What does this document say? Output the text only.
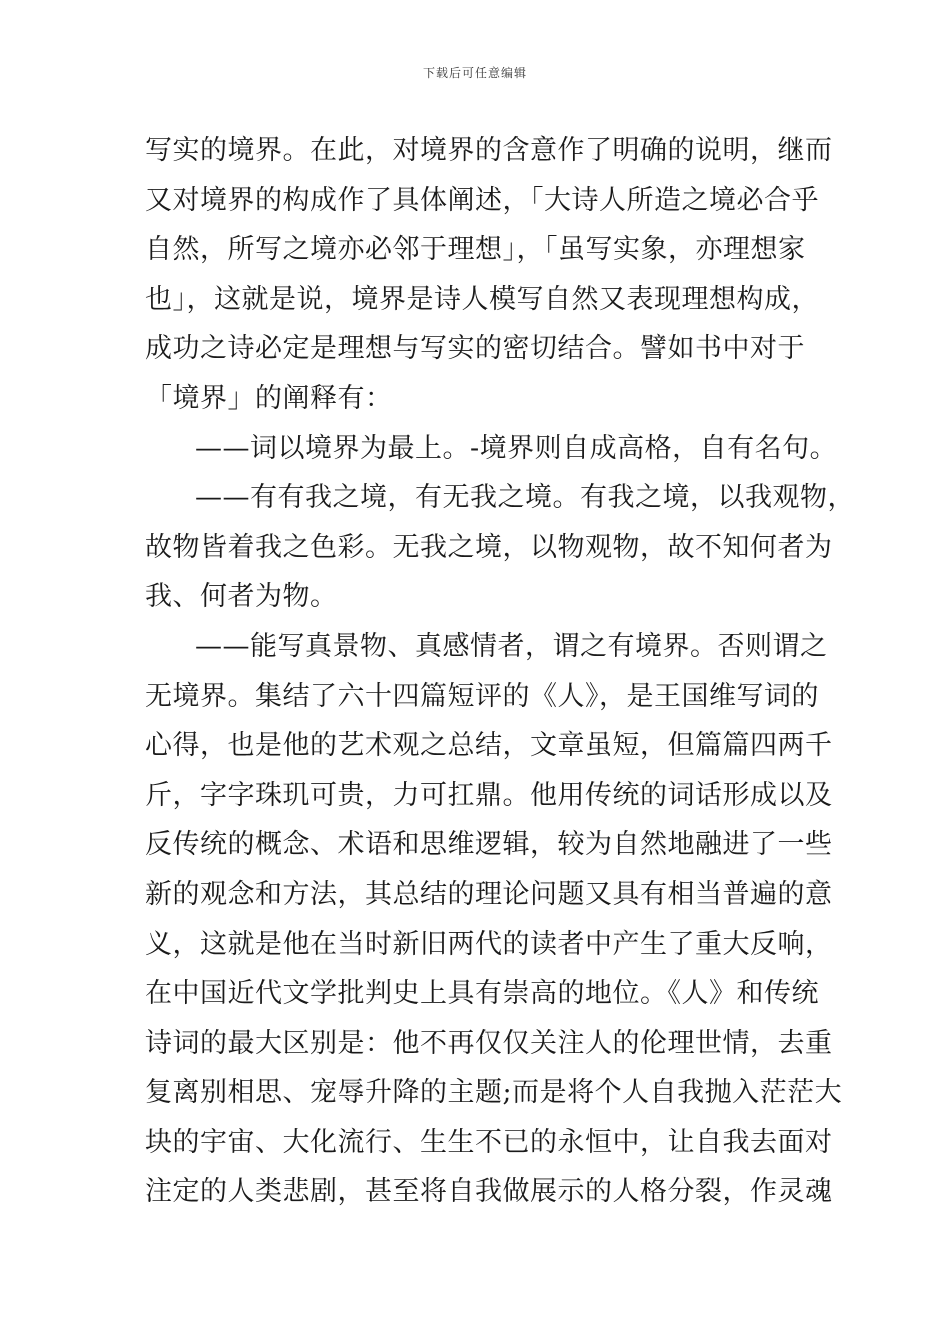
下载后可任意编辑
写实的境界。在此，对境界的含意作了明确的说明，继而
又对境界的构成作了具体阐述，「大诗人所造之境必合乎
自然，所写之境亦必邻于理想」，「虽写实象，亦理想家
也」，这就是说，境界是诗人模写自然又表现理想构成，
成功之诗必定是理想与写实的密切结合。譬如书中对于
「境界」的阐释有：
——词以境界为最上。-境界则自成高格，自有名句。
——有有我之境，有无我之境。有我之境，以我观物，
故物皆着我之色彩。无我之境，以物观物，故不知何者为
我、何者为物。
——能写真景物、真感情者，谓之有境界。否则谓之
无境界。集结了六十四篇短评的《人》，是王国维写词的
心得，也是他的艺术观之总结，文章虽短，但篇篇四两千
斤，字字珠玑可贵，力可扛鼎。他用传统的词话形成以及
反传统的概念、术语和思维逻辑，较为自然地融进了一些
新的观念和方法，其总结的理论问题又具有相当普遍的意
义，这就是他在当时新旧两代的读者中产生了重大反响，
在中国近代文学批判史上具有崇高的地位。《人》和传统
诗词的最大区别是：他不再仅仅关注人的伦理世情，去重
复离别相思、宠辱升降的主题;而是将个人自我抛入茫茫大
块的宇宙、大化流行、生生不已的永恒中，让自我去面对
注定的人类悲剧，甚至将自我做展示的人格分裂，作灵魂
